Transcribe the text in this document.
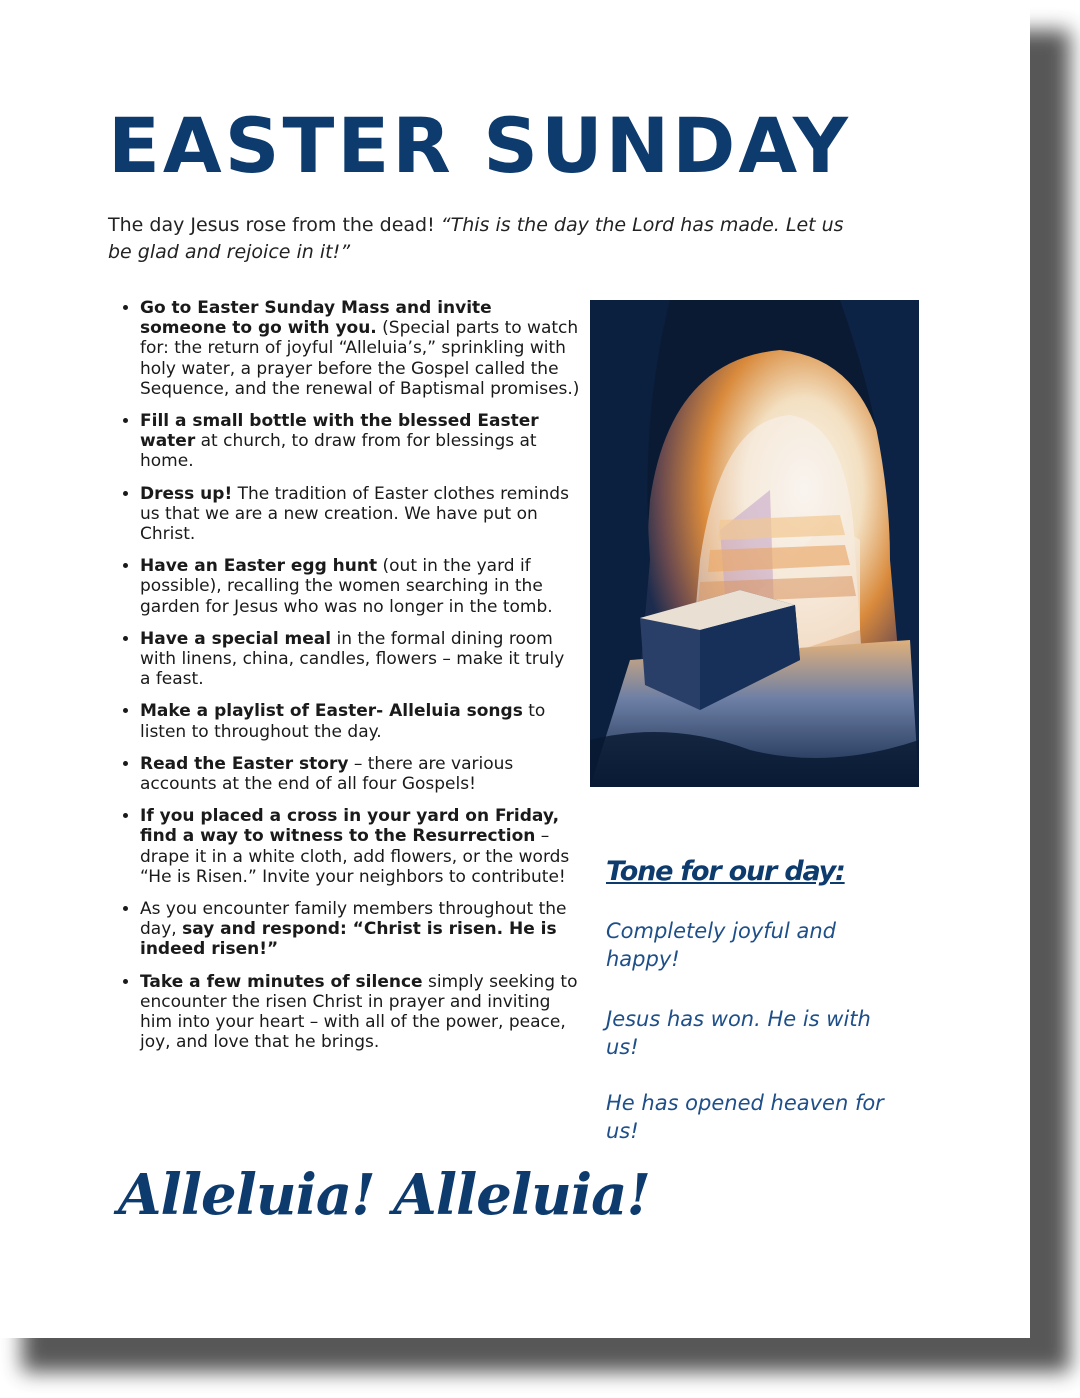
EASTER SUNDAY

The day Jesus rose from the dead! “This is the day the Lord has made. Let us be glad and rejoice in it!”

• Go to Easter Sunday Mass and invite someone to go with you. (Special parts to watch for: the return of joyful “Alleluia’s,” sprinkling with holy water, a prayer before the Gospel called the Sequence, and the renewal of Baptismal promises.)
• Fill a small bottle with the blessed Easter water at church, to draw from for blessings at home.
• Dress up! The tradition of Easter clothes reminds us that we are a new creation. We have put on Christ.
• Have an Easter egg hunt (out in the yard if possible), recalling the women searching in the garden for Jesus who was no longer in the tomb.
• Have a special meal in the formal dining room with linens, china, candles, flowers – make it truly a feast.
• Make a playlist of Easter- Alleluia songs to listen to throughout the day.
• Read the Easter story – there are various accounts at the end of all four Gospels!
• If you placed a cross in your yard on Friday, find a way to witness to the Resurrection – drape it in a white cloth, add flowers, or the words “He is Risen.” Invite your neighbors to contribute!
• As you encounter family members throughout the day, say and respond: “Christ is risen. He is indeed risen!”
• Take a few minutes of silence simply seeking to encounter the risen Christ in prayer and inviting him into your heart – with all of the power, peace, joy, and love that he brings.
Tone for our day:

Completely joyful and happy!

Jesus has won. He is with us!

He has opened heaven for us!

Alleluia! Alleluia!
